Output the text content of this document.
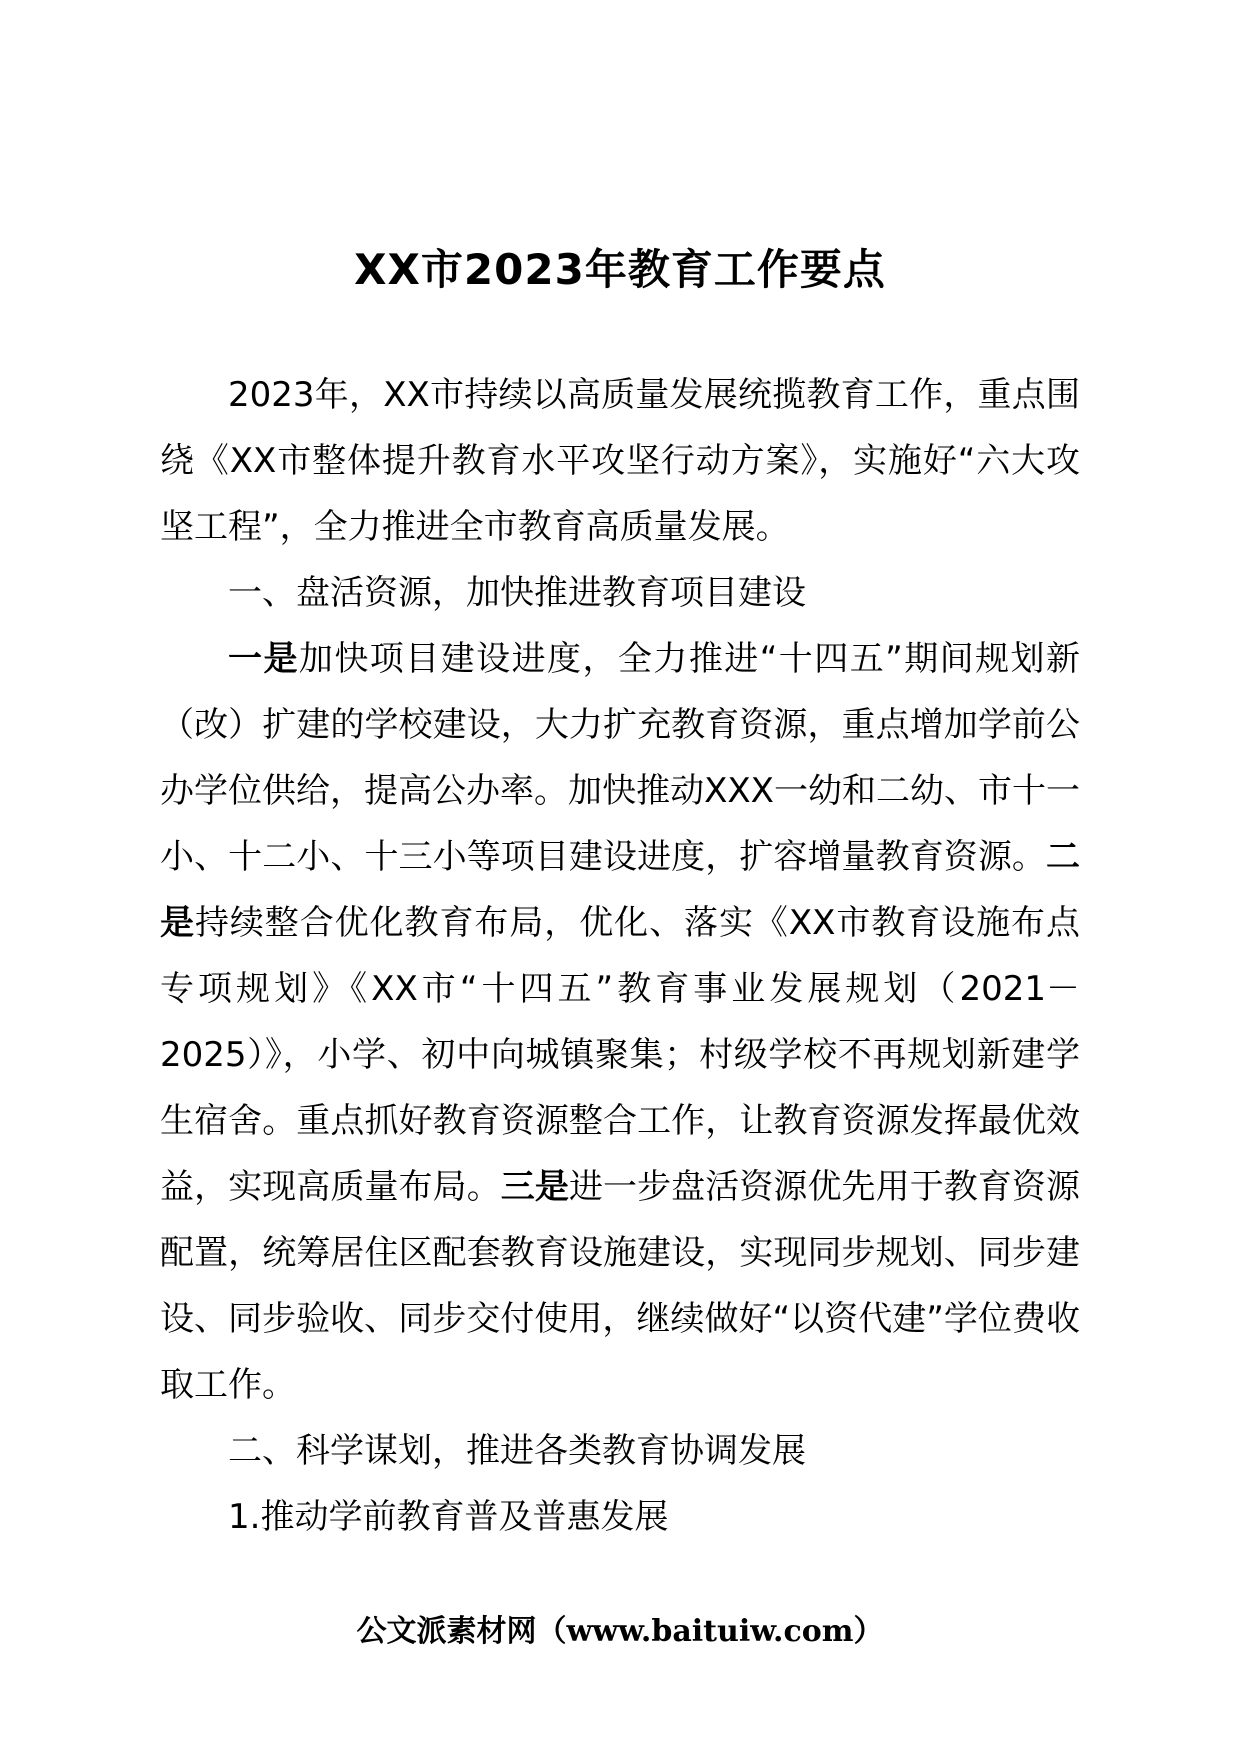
XX市2023年教育工作要点

2023年，XX市持续以高质量发展统揽教育工作，重点围绕《XX市整体提升教育水平攻坚行动方案》，实施好“六大攻坚工程”，全力推进全市教育高质量发展。

一、盘活资源，加快推进教育项目建设

一是加快项目建设进度，全力推进“十四五”期间规划新（改）扩建的学校建设，大力扩充教育资源，重点增加学前公办学位供给，提高公办率。加快推动XXX一幼和二幼、市十一小、十二小、十三小等项目建设进度，扩容增量教育资源。二是持续整合优化教育布局，优化、落实《XX市教育设施布点专项规划》《XX市“十四五”教育事业发展规划（2021－2025）》，小学、初中向城镇聚集；村级学校不再规划新建学生宿舍。重点抓好教育资源整合工作，让教育资源发挥最优效益，实现高质量布局。三是进一步盘活资源优先用于教育资源配置，统筹居住区配套教育设施建设，实现同步规划、同步建设、同步验收、同步交付使用，继续做好“以资代建”学位费收取工作。

二、科学谋划，推进各类教育协调发展

1.推动学前教育普及普惠发展

公文派素材网（www.baituiw.com）
